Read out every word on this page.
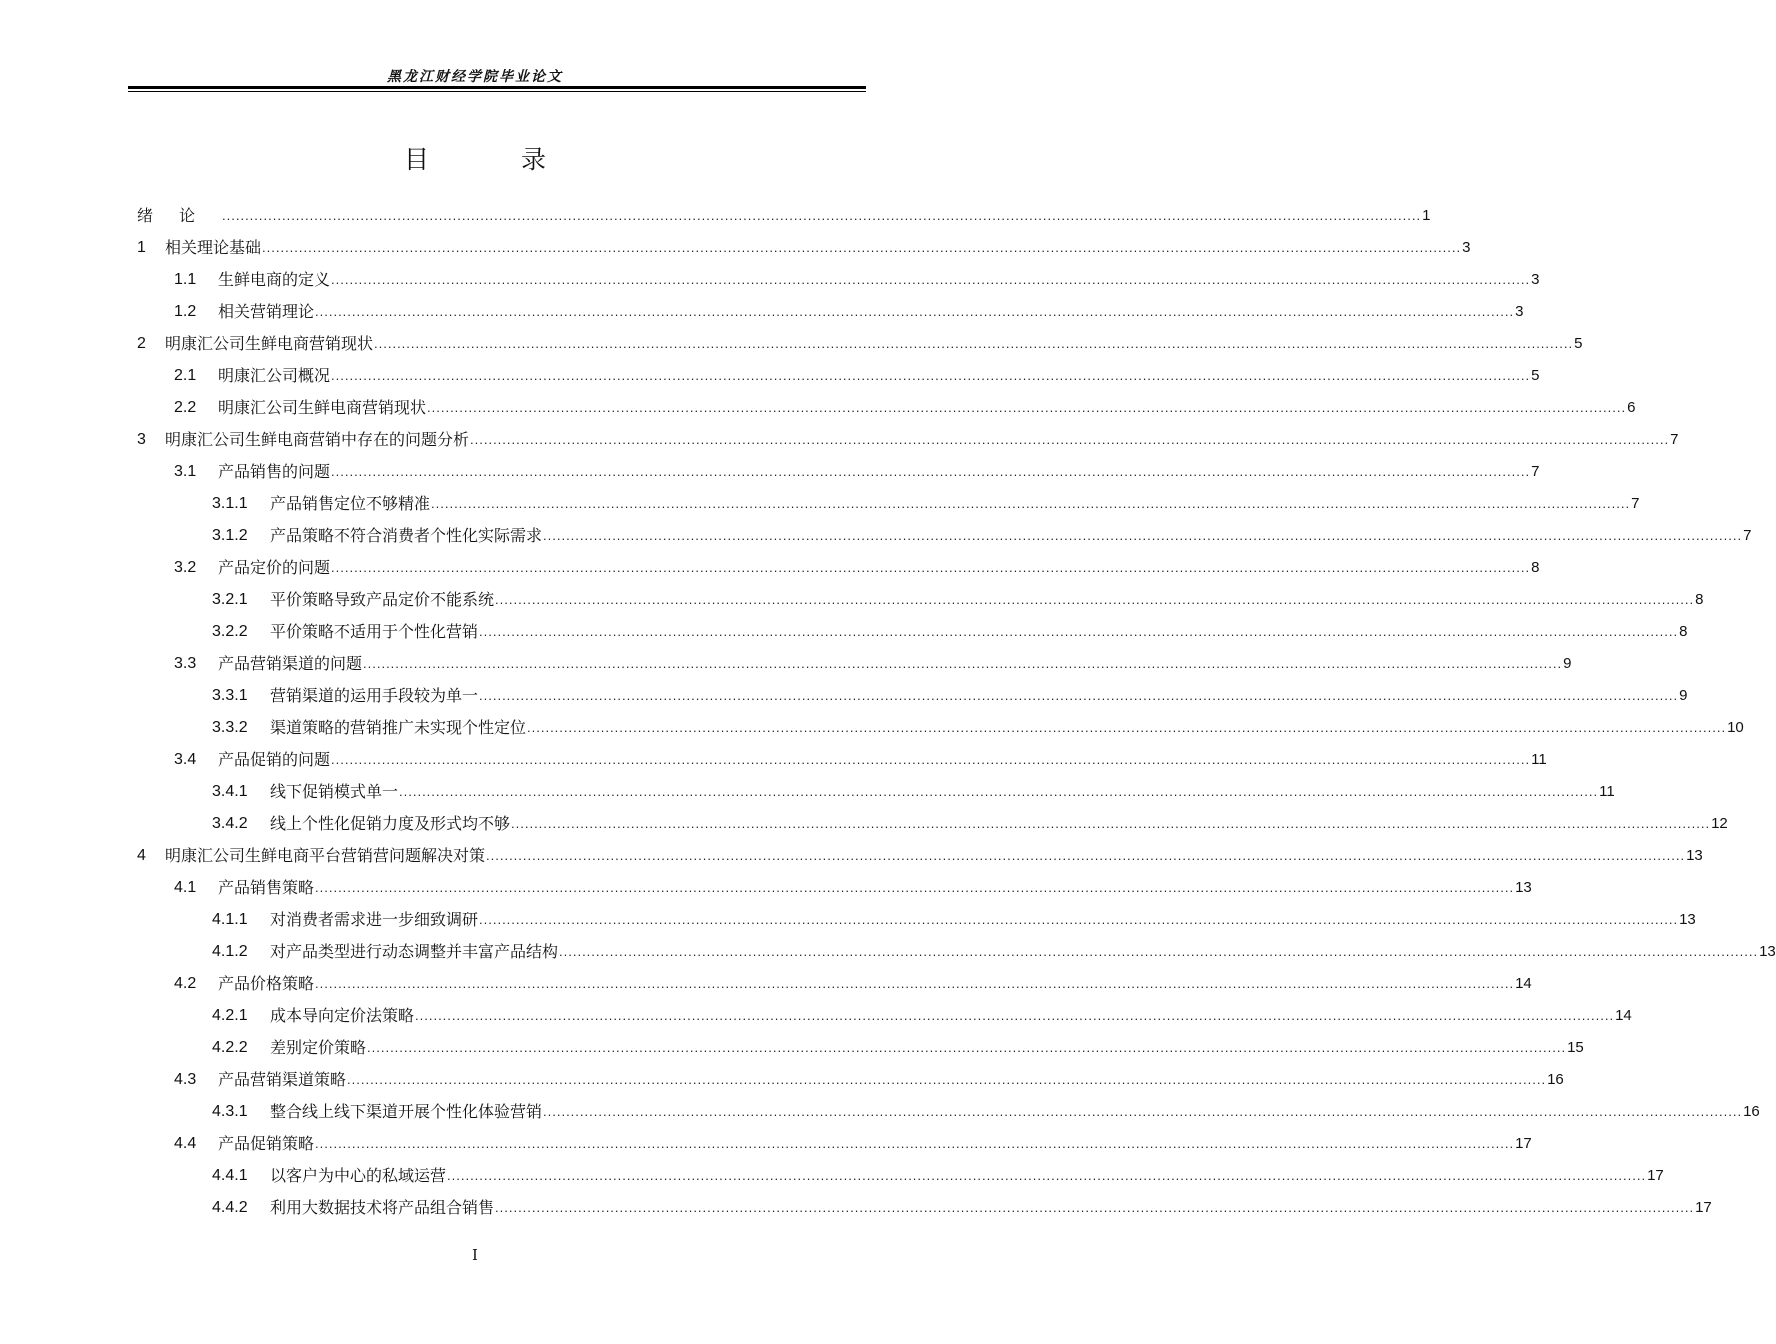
黑龙江财经学院毕业论文
目 录
绪论 .................................................................................................................................................................................................................................................................... 1
1	相关理论基础 .................................................................................................................................................................................................................................................................... 3
1.1	生鲜电商的定义 .................................................................................................................................................................................................................................................................... 3
1.2	相关营销理论 .................................................................................................................................................................................................................................................................... 3
2	明康汇公司生鲜电商营销现状 .................................................................................................................................................................................................................................................................... 5
2.1	明康汇公司概况 .................................................................................................................................................................................................................................................................... 5
2.2	明康汇公司生鲜电商营销现状 .................................................................................................................................................................................................................................................................... 6
3	明康汇公司生鲜电商营销中存在的问题分析 .................................................................................................................................................................................................................................................................... 7
3.1	产品销售的问题 .................................................................................................................................................................................................................................................................... 7
3.1.1	产品销售定位不够精准 .................................................................................................................................................................................................................................................................... 7
3.1.2	产品策略不符合消费者个性化实际需求 .................................................................................................................................................................................................................................................................... 7
3.2	产品定价的问题 .................................................................................................................................................................................................................................................................... 8
3.2.1	平价策略导致产品定价不能系统 .................................................................................................................................................................................................................................................................... 8
3.2.2	平价策略不适用于个性化营销 .................................................................................................................................................................................................................................................................... 8
3.3	产品营销渠道的问题 .................................................................................................................................................................................................................................................................... 9
3.3.1	营销渠道的运用手段较为单一 .................................................................................................................................................................................................................................................................... 9
3.3.2	渠道策略的营销推广未实现个性定位 .................................................................................................................................................................................................................................................................... 10
3.4	产品促销的问题 .................................................................................................................................................................................................................................................................... 11
3.4.1	线下促销模式单一 .................................................................................................................................................................................................................................................................... 11
3.4.2	线上个性化促销力度及形式均不够 .................................................................................................................................................................................................................................................................... 12
4	明康汇公司生鲜电商平台营销营问题解决对策 .................................................................................................................................................................................................................................................................... 13
4.1	产品销售策略 .................................................................................................................................................................................................................................................................... 13
4.1.1	对消费者需求进一步细致调研 .................................................................................................................................................................................................................................................................... 13
4.1.2	对产品类型进行动态调整并丰富产品结构 .................................................................................................................................................................................................................................................................... 13
4.2	产品价格策略 .................................................................................................................................................................................................................................................................... 14
4.2.1	成本导向定价法策略 .................................................................................................................................................................................................................................................................... 14
4.2.2	差别定价策略 .................................................................................................................................................................................................................................................................... 15
4.3	产品营销渠道策略 .................................................................................................................................................................................................................................................................... 16
4.3.1	整合线上线下渠道开展个性化体验营销 .................................................................................................................................................................................................................................................................... 16
4.4	产品促销策略 .................................................................................................................................................................................................................................................................... 17
4.4.1	以客户为中心的私域运营 .................................................................................................................................................................................................................................................................... 17
4.4.2	利用大数据技术将产品组合销售 .................................................................................................................................................................................................................................................................... 17
I
